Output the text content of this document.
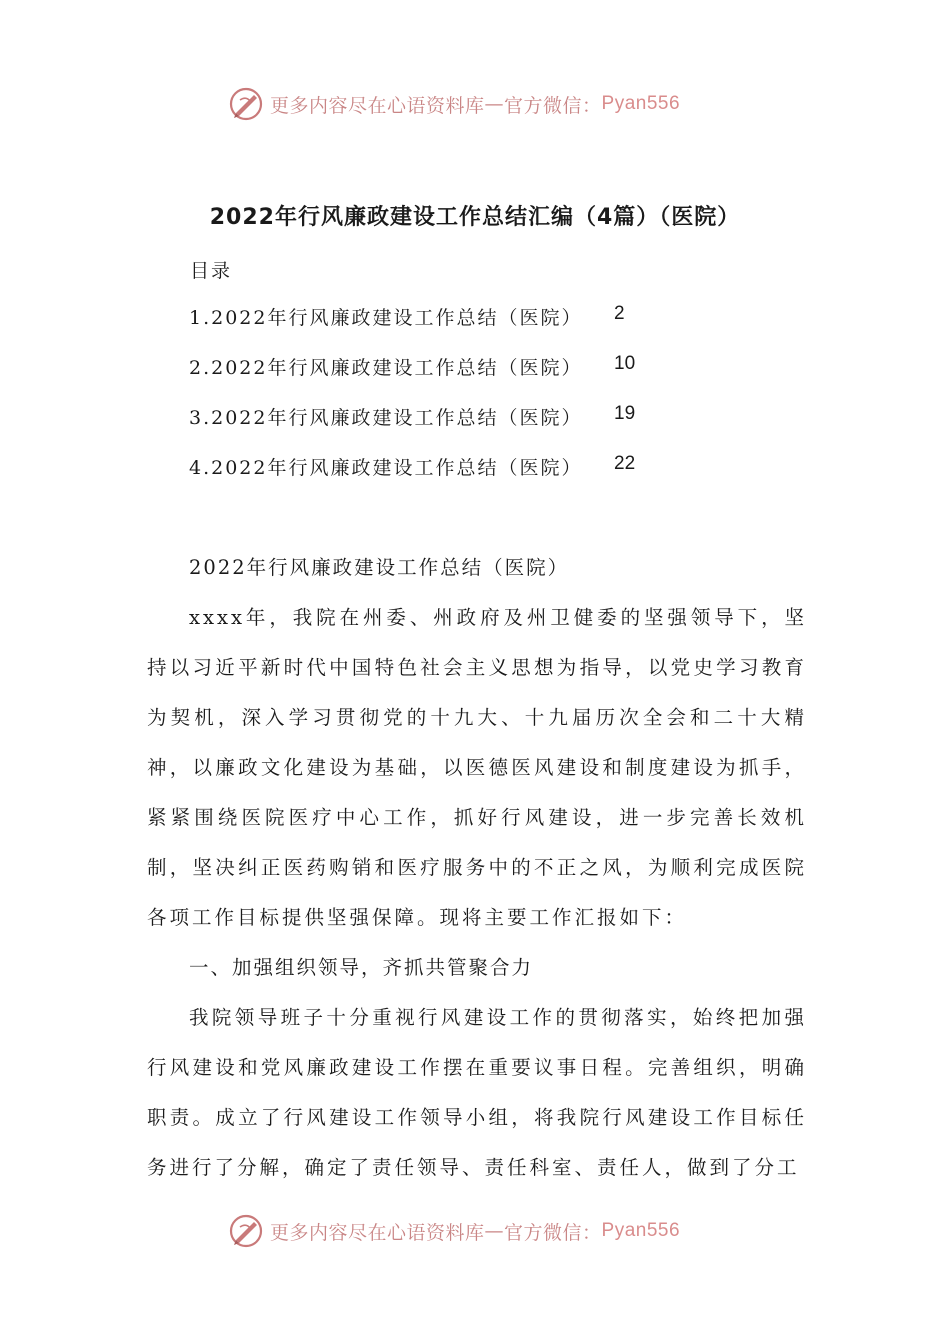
更多内容尽在心语资料库 — 官方微信： Pyan556
2022年行风廉政建设工作总结汇编（4篇）（医院）
目录
1.2022年行风廉政建设工作总结（医院）	2
2.2022年行风廉政建设工作总结（医院）	10
3.2022年行风廉政建设工作总结（医院）	19
4.2022年行风廉政建设工作总结（医院）	22

2022年行风廉政建设工作总结（医院）

xxxx年，我院在州委、州政府及州卫健委的坚强领导下，坚持以习近平新时代中国特色社会主义思想为指导，以党史学习教育为契机，深入学习贯彻党的十九大、十九届历次全会和二十大精神，以廉政文化建设为基础，以医德医风建设和制度建设为抓手，紧紧围绕医院医疗中心工作，抓好行风建设，进一步完善长效机制，坚决纠正医药购销和医疗服务中的不正之风，为顺利完成医院各项工作目标提供坚强保障。现将主要工作汇报如下：

一、加强组织领导，齐抓共管聚合力

我院领导班子十分重视行风建设工作的贯彻落实，始终把加强行风建设和党风廉政建设工作摆在重要议事日程。完善组织，明确职责。成立了行风建设工作领导小组，将我院行风建设工作目标任务进行了分解，确定了责任领导、责任科室、责任人，做到了分工

更多内容尽在心语资料库 — 官方微信： Pyan556
